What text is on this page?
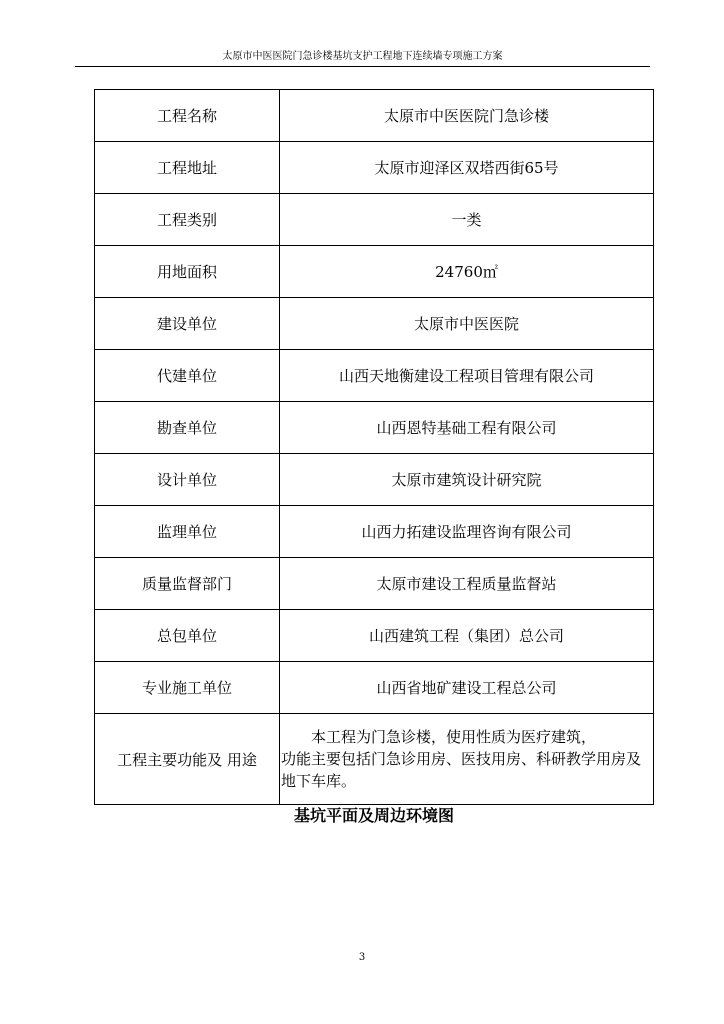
太原市中医医院门急诊楼基坑支护工程地下连续墙专项施工方案
工程名称	太原市中医医院门急诊楼
工程地址	太原市迎泽区双塔西街65号
工程类别	一类
用地面积	24760㎡
建设单位	太原市中医医院
代建单位	山西天地衡建设工程项目管理有限公司
勘查单位	山西恩特基础工程有限公司
设计单位	太原市建筑设计研究院
监理单位	山西力拓建设监理咨询有限公司
质量监督部门	太原市建设工程质量监督站
总包单位	山西建筑工程（集团）总公司
专业施工单位	山西省地矿建设工程总公司
工程主要功能及 用途	本工程为门急诊楼，使用性质为医疗建筑，
功能主要包括门急诊用房、医技用房、科研教学用房及地下车库。
基坑平面及周边环境图
3
